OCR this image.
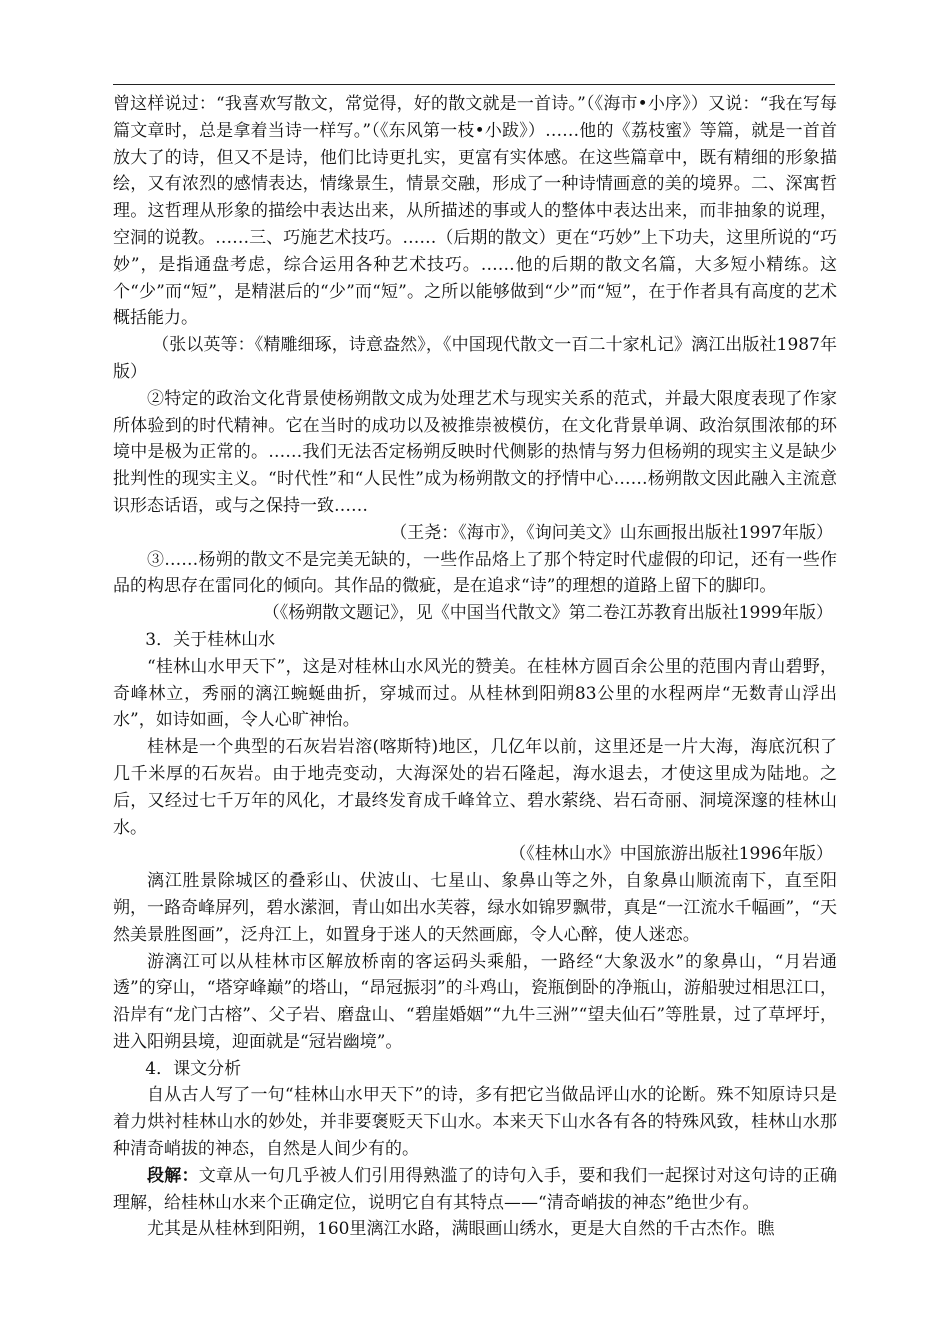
曾这样说过：“我喜欢写散文，常觉得，好的散文就是一首诗。”（《海市•小序》）又说：“我在写每篇文章时，总是拿着当诗一样写。”（《东风第一枝•小跋》）……他的《荔枝蜜》等篇，就是一首首放大了的诗，但又不是诗，他们比诗更扎实，更富有实体感。在这些篇章中，既有精细的形象描绘，又有浓烈的感情表达，情缘景生，情景交融，形成了一种诗情画意的美的境界。二、深寓哲理。这哲理从形象的描绘中表达出来，从所描述的事或人的整体中表达出来，而非抽象的说理，空洞的说教。……三、巧施艺术技巧。……（后期的散文）更在“巧妙”上下功夫，这里所说的“巧妙”，是指通盘考虑，综合运用各种艺术技巧。……他的后期的散文名篇，大多短小精练。这个“少”而“短”，是精湛后的“少”而“短”。之所以能够做到“少”而“短”，在于作者具有高度的艺术概括能力。

（张以英等：《精雕细琢，诗意盎然》，《中国现代散文一百二十家札记》漓江出版社1987年版）

②特定的政治文化背景使杨朔散文成为处理艺术与现实关系的范式，并最大限度表现了作家所体验到的时代精神。它在当时的成功以及被推崇被模仿，在文化背景单调、政治氛围浓郁的环境中是极为正常的。……我们无法否定杨朔反映时代侧影的热情与努力但杨朔的现实主义是缺少批判性的现实主义。“时代性”和“人民性”成为杨朔散文的抒情中心……杨朔散文因此融入主流意识形态话语，或与之保持一致……

（王尧：《海市》，《询问美文》山东画报出版社1997年版）

③……杨朔的散文不是完美无缺的，一些作品烙上了那个特定时代虚假的印记，还有一些作品的构思存在雷同化的倾向。其作品的微疵，是在追求“诗”的理想的道路上留下的脚印。

（《杨朔散文题记》，见《中国当代散文》第二卷江苏教育出版社1999年版）

3．关于桂林山水

“桂林山水甲天下”，这是对桂林山水风光的赞美。在桂林方圆百余公里的范围内青山碧野，奇峰林立，秀丽的漓江蜿蜒曲折，穿城而过。从桂林到阳朔83公里的水程两岸“无数青山浮出水”，如诗如画，令人心旷神怡。

桂林是一个典型的石灰岩岩溶(喀斯特)地区，几亿年以前，这里还是一片大海，海底沉积了几千米厚的石灰岩。由于地壳变动，大海深处的岩石隆起，海水退去，才使这里成为陆地。之后，又经过七千万年的风化，才最终发育成千峰耸立、碧水萦绕、岩石奇丽、洞境深邃的桂林山水。

（《桂林山水》中国旅游出版社1996年版）

漓江胜景除城区的叠彩山、伏波山、七星山、象鼻山等之外，自象鼻山顺流南下，直至阳朔，一路奇峰屏列，碧水潆洄，青山如出水芙蓉，绿水如锦罗飘带，真是“一江流水千幅画”，“天然美景胜图画”，泛舟江上，如置身于迷人的天然画廊，令人心醉，使人迷恋。

游漓江可以从桂林市区解放桥南的客运码头乘船，一路经“大象汲水”的象鼻山，“月岩通透”的穿山，“塔穿峰巅”的塔山，“昂冠振羽”的斗鸡山，瓷瓶倒卧的净瓶山，游船驶过相思江口，沿岸有“龙门古榕”、父子岩、磨盘山、“碧崖婚姻”“九牛三洲”“望夫仙石”等胜景，过了草坪圩，进入阳朔县境，迎面就是“冠岩幽境”。

4．课文分析

自从古人写了一句“桂林山水甲天下”的诗，多有把它当做品评山水的论断。殊不知原诗只是着力烘衬桂林山水的妙处，并非要褒贬天下山水。本来天下山水各有各的特殊风致，桂林山水那种清奇峭拔的神态，自然是人间少有的。

段解：文章从一句几乎被人们引用得熟滥了的诗句入手，要和我们一起探讨对这句诗的正确理解，给桂林山水来个正确定位，说明它自有其特点——“清奇峭拔的神态”绝世少有。

尤其是从桂林到阳朔，160里漓江水路，满眼画山绣水，更是大自然的千古杰作。瞧
